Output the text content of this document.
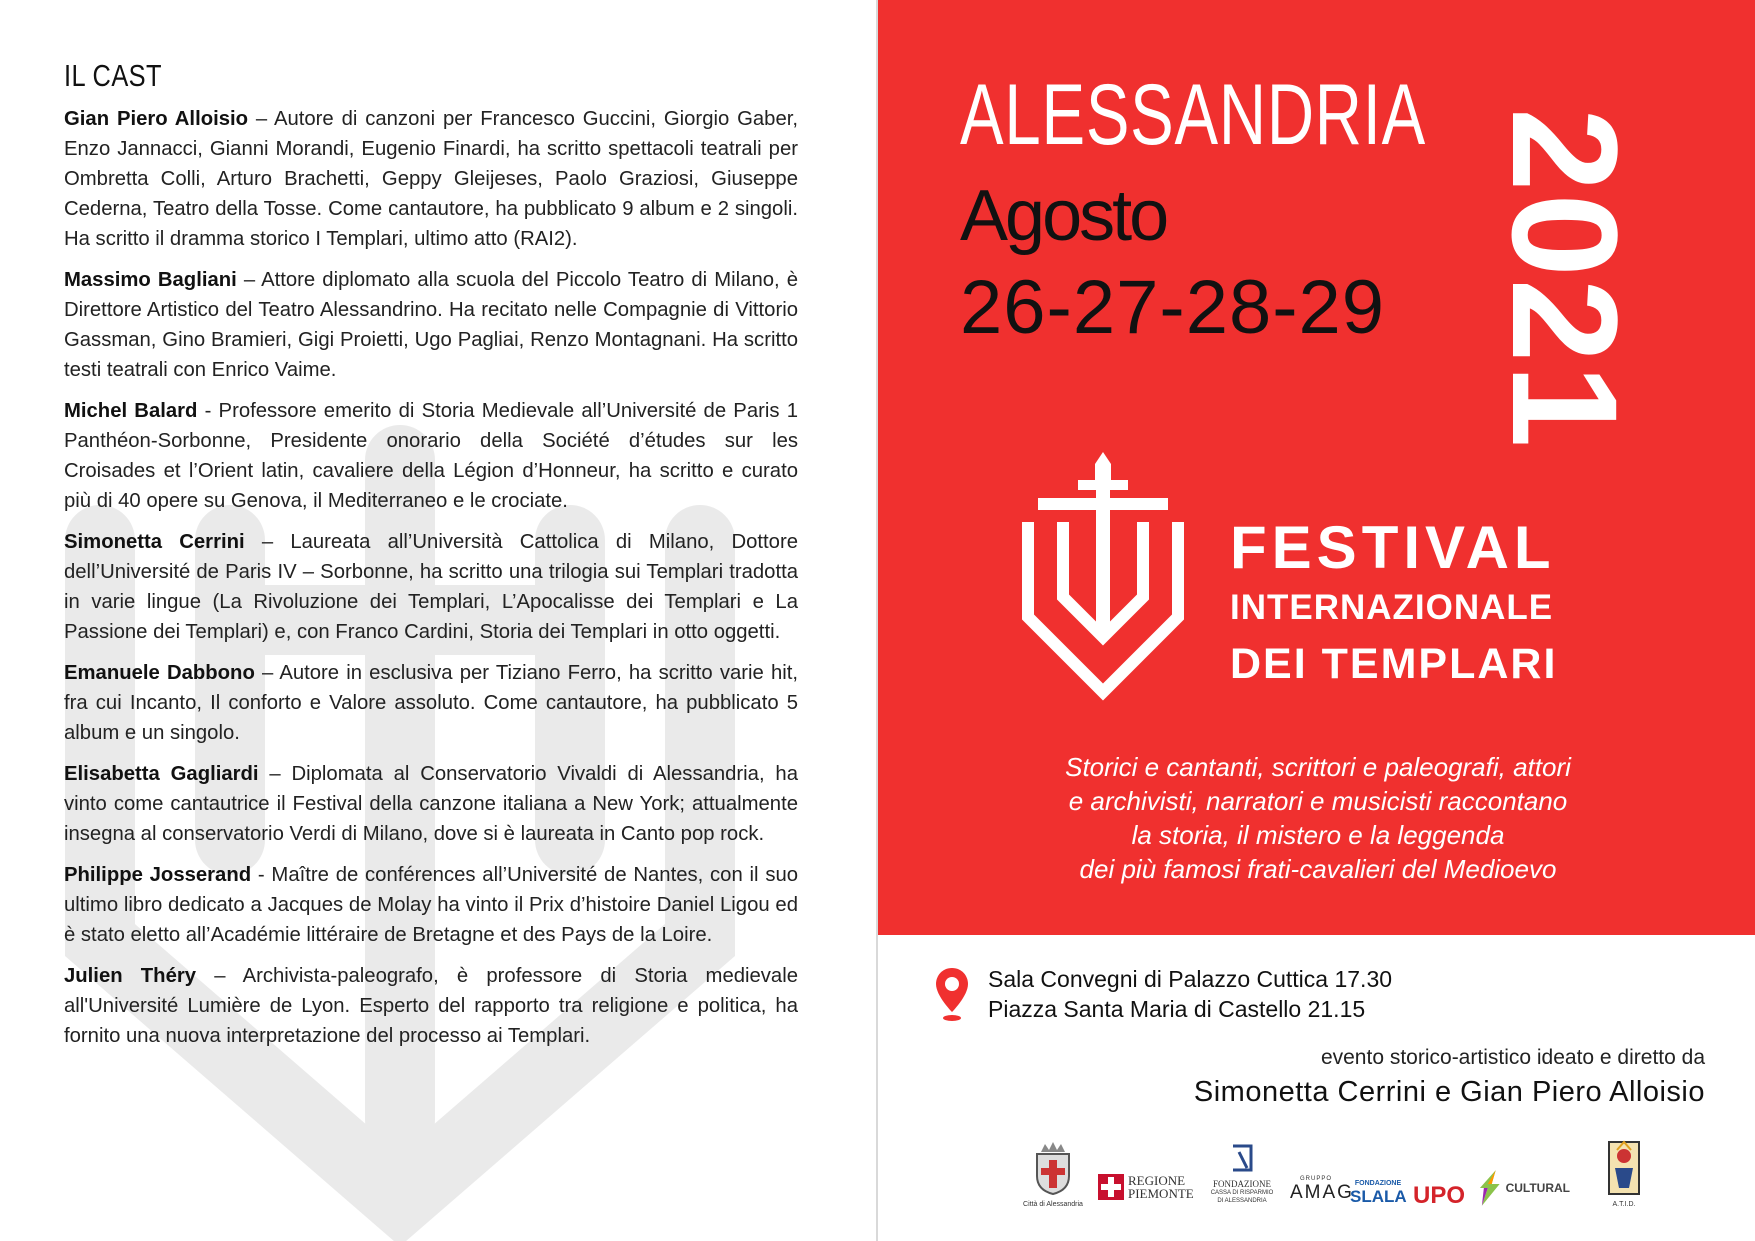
IL CAST

Gian Piero Alloisio – Autore di canzoni per Francesco Guccini, Giorgio Gaber, Enzo Jannacci, Gianni Morandi, Eugenio Finardi, ha scritto spettacoli teatrali per Ombretta Colli, Arturo Brachetti, Geppy Gleijeses, Paolo Graziosi, Giuseppe Cederna, Teatro della Tosse. Come cantautore, ha pubblicato 9 album e 2 singoli. Ha scritto il dramma storico I Templari, ultimo atto (RAI2).

Massimo Bagliani – Attore diplomato alla scuola del Piccolo Teatro di Milano, è Direttore Artistico del Teatro Alessandrino. Ha recitato nelle Compagnie di Vittorio Gassman, Gino Bramieri, Gigi Proietti, Ugo Pagliai, Renzo Montagnani. Ha scritto testi teatrali con Enrico Vaime.

Michel Balard - Professore emerito di Storia Medievale all’Université de Paris 1 Panthéon-Sorbonne, Presidente onorario della Société d’études sur les Croisades et l’Orient latin, cavaliere della Légion d’Honneur, ha scritto e curato più di 40 opere su Genova, il Mediterraneo e le crociate.

Simonetta Cerrini – Laureata all’Università Cattolica di Milano, Dottore dell’Université de Paris IV – Sorbonne, ha scritto una trilogia sui Templari tradotta in varie lingue (La Rivoluzione dei Templari, L’Apocalisse dei Templari e La Passione dei Templari) e, con Franco Cardini, Storia dei Templari in otto oggetti.

Emanuele Dabbono – Autore in esclusiva per Tiziano Ferro, ha scritto varie hit, fra cui Incanto, Il conforto e Valore assoluto. Come cantautore, ha pubblicato 5 album e un singolo.

Elisabetta Gagliardi – Diplomata al Conservatorio Vivaldi di Alessandria, ha vinto come cantautrice il Festival della canzone italiana a New York; attualmente insegna al conservatorio Verdi di Milano, dove si è laureata in Canto pop rock.

Philippe Josserand - Maître de conférences all’Université de Nantes, con il suo ultimo libro dedicato a Jacques de Molay ha vinto il Prix d’histoire Daniel Ligou ed è stato eletto all’Académie littéraire de Bretagne et des Pays de la Loire.

Julien Théry – Archivista-paleografo, è professore di Storia medievale all'Université Lumière de Lyon. Esperto del rapporto tra religione e politica, ha fornito una nuova interpretazione del processo ai Templari.

ALESSANDRIA
Agosto
26-27-28-29 2021
FESTIVAL
INTERNAZIONALE
DEI TEMPLARI
Storici e cantanti, scrittori e paleografi, attori
e archivisti, narratori e musicisti raccontano
la storia, il mistero e la leggenda
dei più famosi frati-cavalieri del Medioevo
Sala Convegni di Palazzo Cuttica 17.30
Piazza Santa Maria di Castello 21.15
evento storico-artistico ideato e diretto da
Simonetta Cerrini e Gian Piero Alloisio
Città di Alessandria
REGIONE
PIEMONTE
FONDAZIONE
CASSA DI RISPARMIO
DI ALESSANDRIA
GRUPPO
AMAG FONDAZIONE
SLALA UPO	CULTURAL
A.T.I.D.
